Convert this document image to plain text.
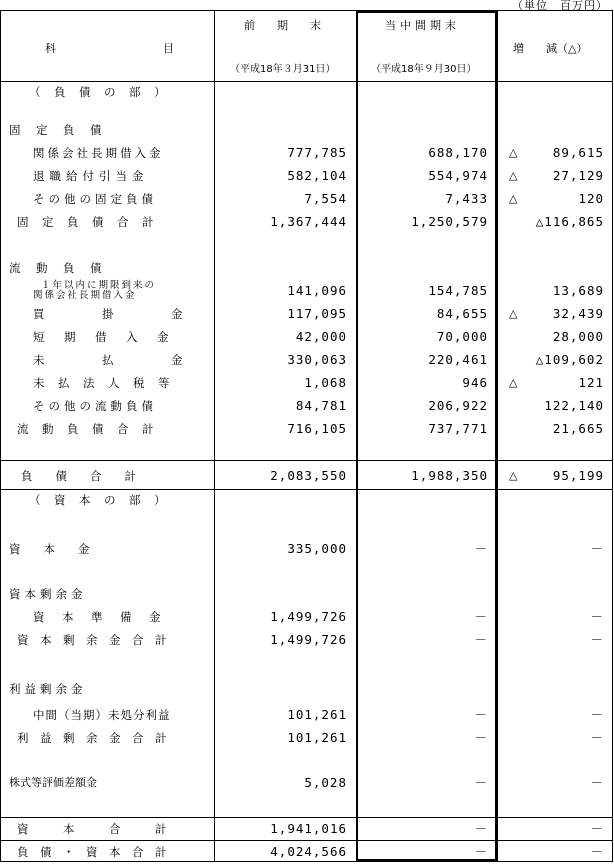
（単位　百万円）
科	目
前　　期　　末
（平成18年３月31日）
当中間期末
（平成18年９月30日）
増　　減（△）
（　負　債　の　部　）
固　定　負　債
関係会社長期借入金	777,785	688,170 △	89,615
退職給付引当金	582,104	554,974 △	27,129
その他の固定負債	7,554	7,433 △	120
固　定　負　債　合　計	1,367,444	1,250,579	△116,865
流　動　負　債
１年以内に期限到来の
関係会社長期借入金	141,096	154,785	13,689
買　　　　　掛　　　　　金	117,095	84,655 △	32,439
短　期　借　入　金	42,000	70,000	28,000
未　　　　　払　　　　　金	330,063	220,461	△109,602
未　払　法　人　税　等	1,068	946 △	121
その他の流動負債	84,781	206,922	122,140
流　動　負　債　合　計	716,105	737,771	21,665
負　　債　　合　　計	2,083,550	1,988,350 △	95,199
（　資　本　の　部　）
資　　本　　金	335,000	－	－
資本剰余金
資　本　準　備　金	1,499,726	－	－
資　本　剰　余　金　合　計	1,499,726	－	－
利益剰余金
中間（当期）未処分利益	101,261	－	－
利　益　剰　余　金　合　計	101,261	－	－
株式等評価差額金	5,028	－	－
資　　　本　　　合　　　計	1,941,016	－	－
負　債　・　資　本　合　計	4,024,566	－	－
